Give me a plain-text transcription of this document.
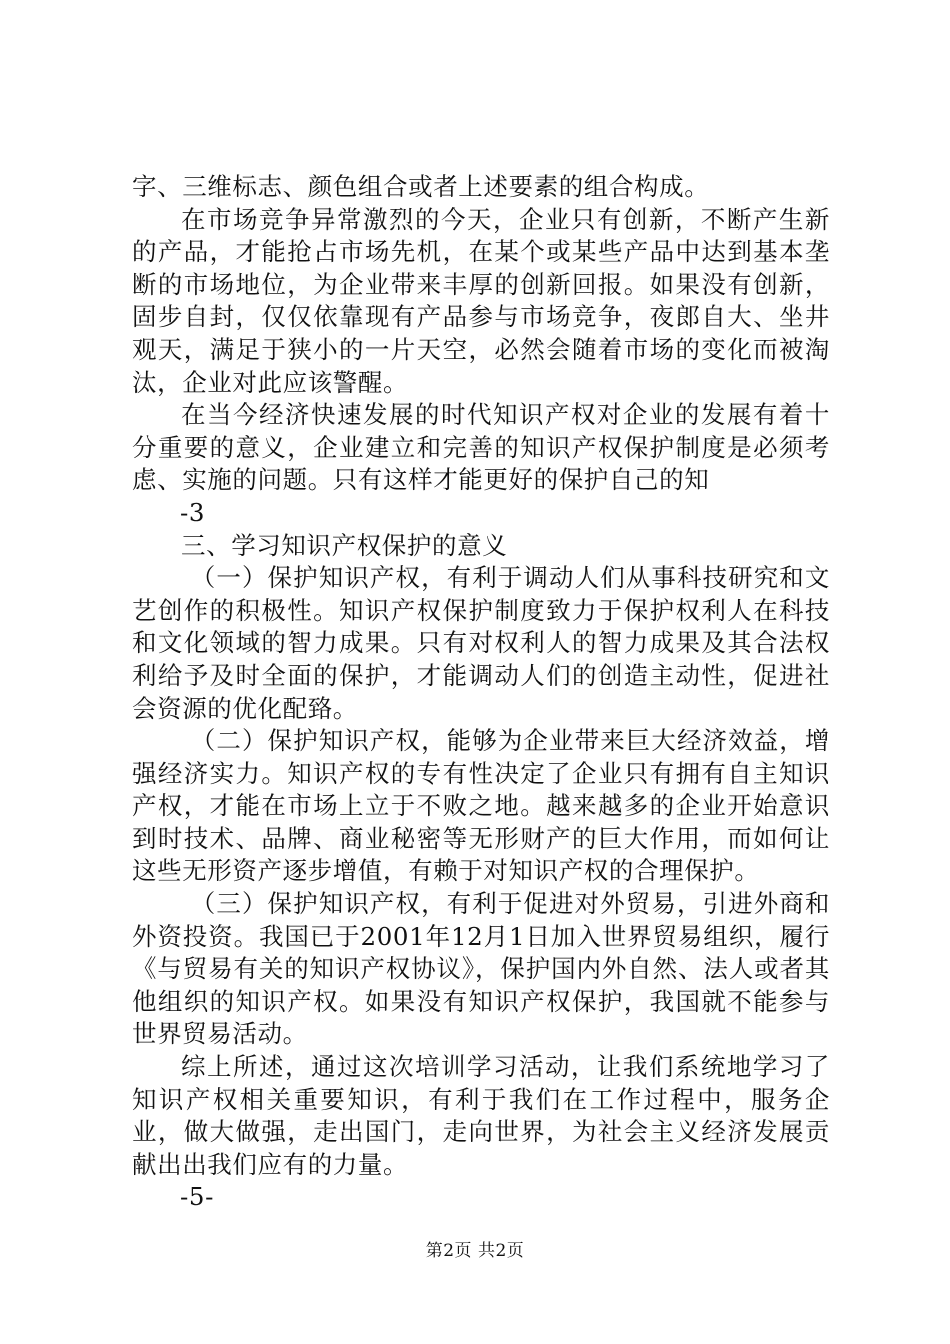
字、三维标志、颜色组合或者上述要素的组合构成。

在市场竞争异常激烈的今天，企业只有创新，不断产生新的产品，才能抢占市场先机，在某个或某些产品中达到基本垄断的市场地位，为企业带来丰厚的创新回报。如果没有创新，固步自封，仅仅依靠现有产品参与市场竞争，夜郎自大、坐井观天，满足于狭小的一片天空，必然会随着市场的变化而被淘汰，企业对此应该警醒。

在当今经济快速发展的时代知识产权对企业的发展有着十分重要的意义，企业建立和完善的知识产权保护制度是必须考虑、实施的问题。只有这样才能更好的保护自己的知

-3

三、学习知识产权保护的意义

（一）保护知识产权，有利于调动人们从事科技研究和文艺创作的积极性。知识产权保护制度致力于保护权利人在科技和文化领域的智力成果。只有对权利人的智力成果及其合法权利给予及时全面的保护，才能调动人们的创造主动性，促进社会资源的优化配臵。

（二）保护知识产权，能够为企业带来巨大经济效益，增强经济实力。知识产权的专有性决定了企业只有拥有自主知识产权，才能在市场上立于不败之地。越来越多的企业开始意识到时技术、品牌、商业秘密等无形财产的巨大作用，而如何让这些无形资产逐步增值，有赖于对知识产权的合理保护。

（三）保护知识产权，有利于促进对外贸易，引进外商和外资投资。我国已于2001年12月1日加入世界贸易组织，履行《与贸易有关的知识产权协议》，保护国内外自然、法人或者其他组织的知识产权。如果没有知识产权保护，我国就不能参与世界贸易活动。

综上所述，通过这次培训学习活动，让我们系统地学习了知识产权相关重要知识，有利于我们在工作过程中，服务企业，做大做强，走出国门，走向世界，为社会主义经济发展贡献出出我们应有的力量。

-5-

第2页 共2页
